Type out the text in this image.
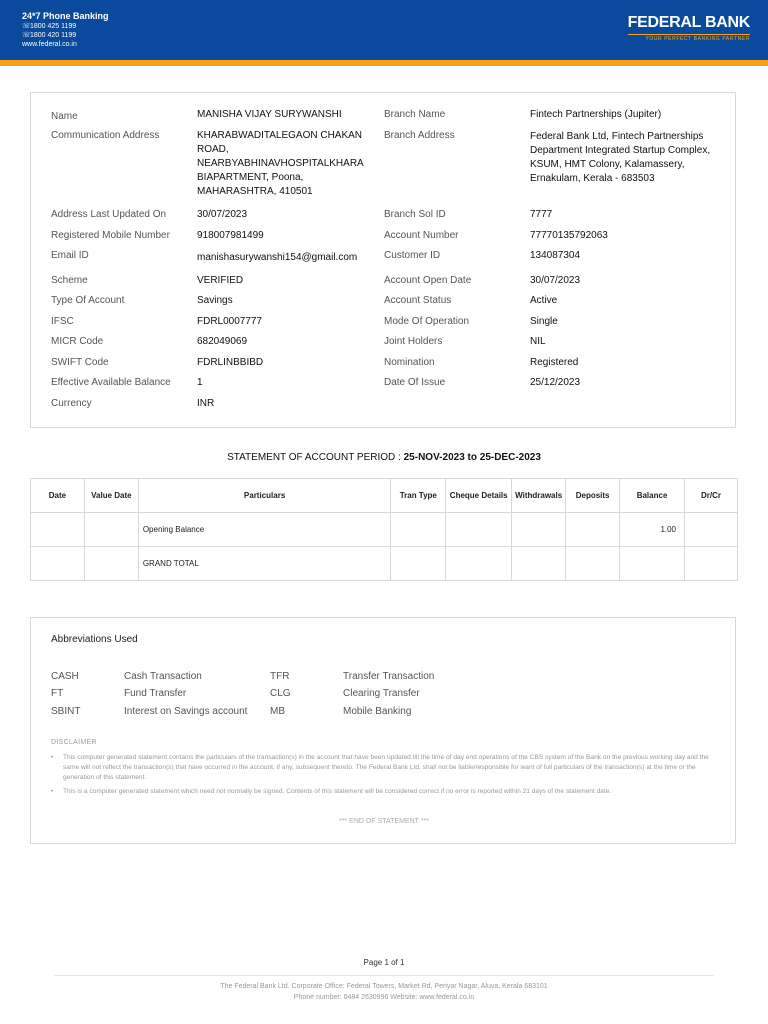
24*7 Phone Banking
☏ 1800 425 1199
☏ 1800 420 1199
www.federal.co.in
FEDERAL BANK
YOUR PERFECT BANKING PARTNER
Name	MANISHA VIJAY SURYWANSHI
Communication Address	KHARABWADITALEGAON CHAKAN
ROAD,
NEARBYABHINAVHOSPITALKHARA
BIAPARTMENT, Poona,
MAHARASHTRA, 410501
Address Last Updated On	30/07/2023
Registered Mobile Number	918007981499
Email ID	manishasurywanshi154@gmail.com
Scheme	VERIFIED
Type Of Account	Savings
IFSC	FDRL0007777
MICR Code	682049069
SWIFT Code	FDRLINBBIBD
Effective Available Balance	1
Currency	INR
Branch Name	Fintech Partnerships (Jupiter)
Branch Address	Federal Bank Ltd, Fintech Partnerships
Department Integrated Startup Complex,
KSUM, HMT Colony, Kalamassery,
Ernakulam, Kerala - 683503
Branch Sol ID	7777
Account Number	77770135792063
Customer ID	134087304
Account Open Date	30/07/2023
Account Status	Active
Mode Of Operation	Single
Joint Holders	NIL
Nomination	Registered
Date Of Issue	25/12/2023
STATEMENT OF ACCOUNT PERIOD : 25-NOV-2023 to 25-DEC-2023
Date	Value Date	Particulars	Tran Type	Cheque Details	Withdrawals	Deposits	Balance	Dr/Cr
		Opening Balance					1.00	
		GRAND TOTAL						
Abbreviations Used
CASH	Cash Transaction
FT	Fund Transfer
SBINT	Interest on Savings account
TFR	Transfer Transaction
CLG	Clearing Transfer
MB	Mobile Banking
DISCLAIMER
• This computer generated statement contains the particulars of the transaction(s) in the account that have been updated till the time of day end operations of the CBS system of the Bank on the previous working day and the same will not reflect the transaction(s) that have occurred in the account, if any, subsequent thereto. The Federal Bank Ltd. shall not be liable/responsible for want of full particulars of the transaction(s) at the time or the generation of this statement.
• This is a computer generated statement which need not normally be signed. Contents of this statement will be considered correct if no error is reported within 21 days of the statement date.
*** END OF STATEMENT ***
Page 1 of 1
The Federal Bank Ltd. Corporate Office: Federal Towers, Market Rd, Periyar Nagar, Aluva, Kerala 683101
Phone number: 0484 2630996 Website: www.federal.co.in
